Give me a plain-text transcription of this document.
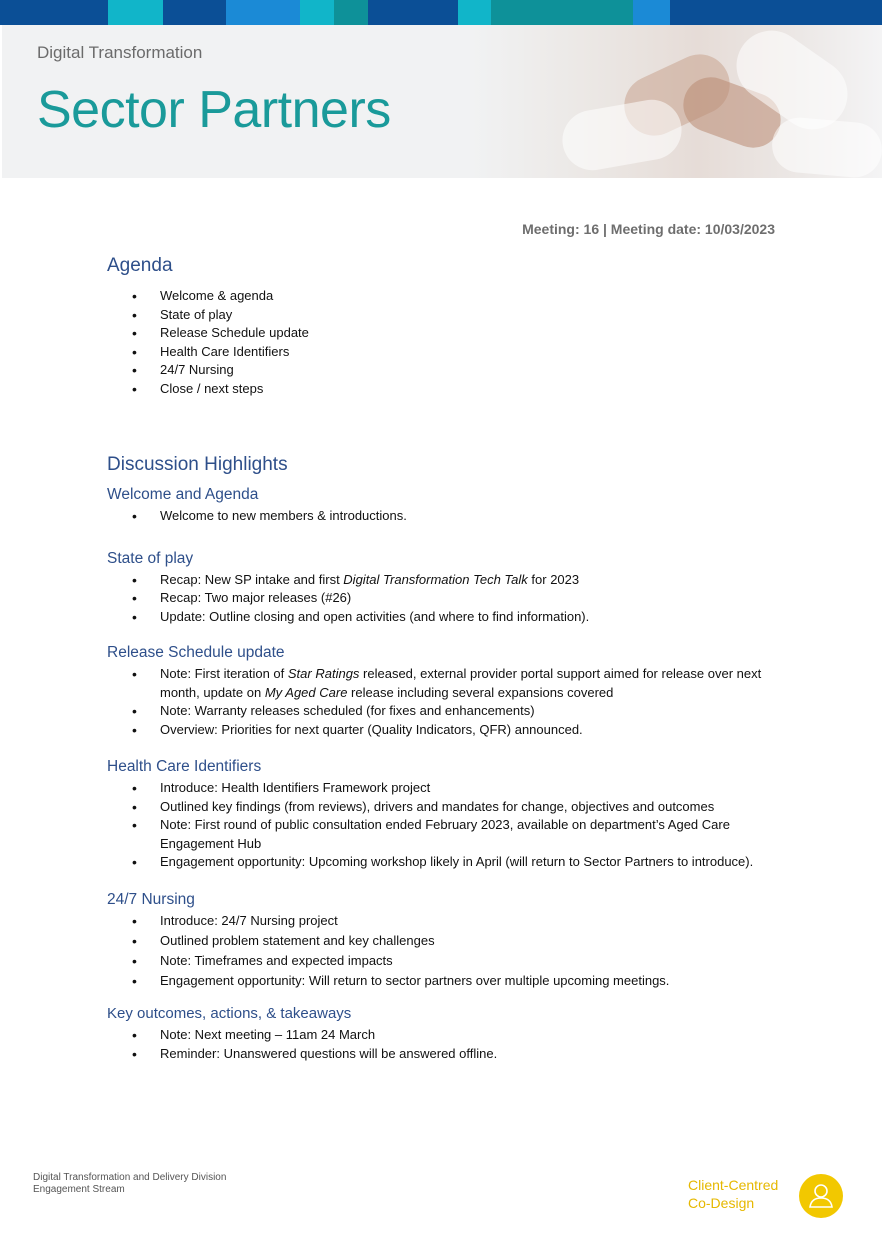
Digital Transformation
Sector Partners
Meeting: 16 | Meeting date: 10/03/2023
Agenda
• Welcome & agenda
• State of play
• Release Schedule update
• Health Care Identifiers
• 24/7 Nursing
• Close / next steps
Discussion Highlights
Welcome and Agenda
• Welcome to new members & introductions.
State of play
• Recap: New SP intake and first Digital Transformation Tech Talk for 2023
• Recap: Two major releases (#26)
• Update: Outline closing and open activities (and where to find information).
Release Schedule update
• Note: First iteration of Star Ratings released, external provider portal support aimed for release over next month, update on My Aged Care release including several expansions covered
• Note: Warranty releases scheduled (for fixes and enhancements)
• Overview: Priorities for next quarter (Quality Indicators, QFR) announced.
Health Care Identifiers
• Introduce: Health Identifiers Framework project
• Outlined key findings (from reviews), drivers and mandates for change, objectives and outcomes
• Note: First round of public consultation ended February 2023, available on department’s Aged Care Engagement Hub
• Engagement opportunity: Upcoming workshop likely in April (will return to Sector Partners to introduce).
24/7 Nursing
• Introduce: 24/7 Nursing project
• Outlined problem statement and key challenges
• Note: Timeframes and expected impacts
• Engagement opportunity: Will return to sector partners over multiple upcoming meetings.
Key outcomes, actions, & takeaways
• Note: Next meeting – 11am 24 March
• Reminder: Unanswered questions will be answered offline.
Digital Transformation and Delivery Division
Engagement Stream	Client-Centred
Co-Design
